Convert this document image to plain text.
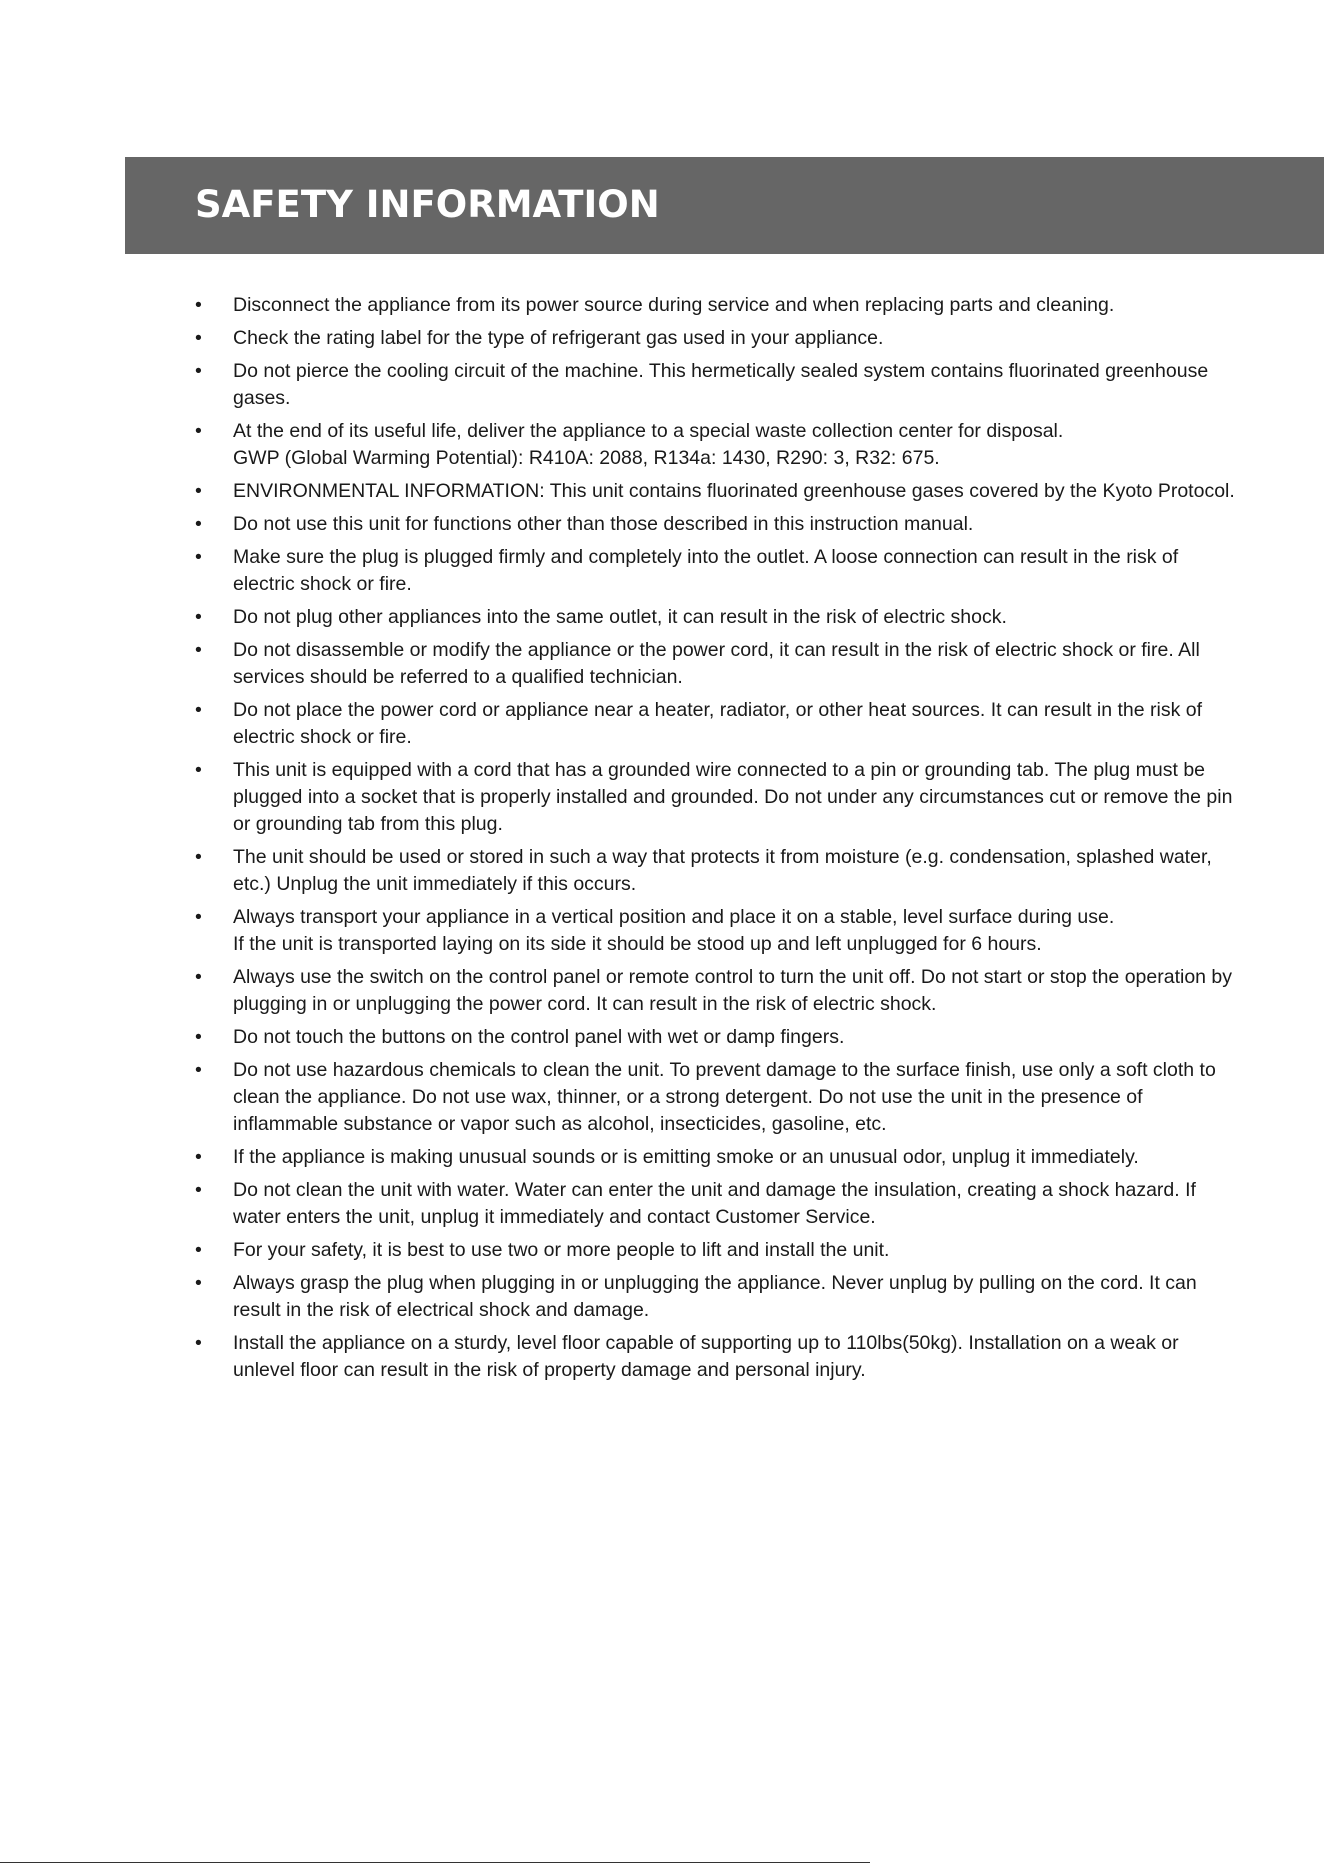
SAFETY INFORMATION
• Disconnect the appliance from its power source during service and when replacing parts and cleaning.
• Check the rating label for the type of refrigerant gas used in your appliance.
• Do not pierce the cooling circuit of the machine. This hermetically sealed system contains fluorinated greenhouse gases.
• At the end of its useful life, deliver the appliance to a special waste collection center for disposal.
GWP (Global Warming Potential): R410A: 2088, R134a: 1430, R290: 3, R32: 675.
• ENVIRONMENTAL INFORMATION: This unit contains fluorinated greenhouse gases covered by the Kyoto Protocol.
• Do not use this unit for functions other than those described in this instruction manual.
• Make sure the plug is plugged firmly and completely into the outlet. A loose connection can result in the risk of electric shock or fire.
• Do not plug other appliances into the same outlet, it can result in the risk of electric shock.
• Do not disassemble or modify the appliance or the power cord, it can result in the risk of electric shock or fire. All services should be referred to a qualified technician.
• Do not place the power cord or appliance near a heater, radiator, or other heat sources. It can result in the risk of electric shock or fire.
• This unit is equipped with a cord that has a grounded wire connected to a pin or grounding tab. The plug must be plugged into a socket that is properly installed and grounded. Do not under any circumstances cut or remove the pin or grounding tab from this plug.
• The unit should be used or stored in such a way that protects it from moisture (e.g. condensation, splashed water, etc.) Unplug the unit immediately if this occurs.
• Always transport your appliance in a vertical position and place it on a stable, level surface during use.
If the unit is transported laying on its side it should be stood up and left unplugged for 6 hours.
• Always use the switch on the control panel or remote control to turn the unit off. Do not start or stop the operation by plugging in or unplugging the power cord. It can result in the risk of electric shock.
• Do not touch the buttons on the control panel with wet or damp fingers.
• Do not use hazardous chemicals to clean the unit. To prevent damage to the surface finish, use only a soft cloth to clean the appliance. Do not use wax, thinner, or a strong detergent. Do not use the unit in the presence of inflammable substance or vapor such as alcohol, insecticides, gasoline, etc.
• If the appliance is making unusual sounds or is emitting smoke or an unusual odor, unplug it immediately.
• Do not clean the unit with water. Water can enter the unit and damage the insulation, creating a shock hazard. If water enters the unit, unplug it immediately and contact Customer Service.
• For your safety, it is best to use two or more people to lift and install the unit.
• Always grasp the plug when plugging in or unplugging the appliance. Never unplug by pulling on the cord. It can result in the risk of electrical shock and damage.
• Install the appliance on a sturdy, level floor capable of supporting up to 110lbs(50kg). Installation on a weak or unlevel floor can result in the risk of property damage and personal injury.
